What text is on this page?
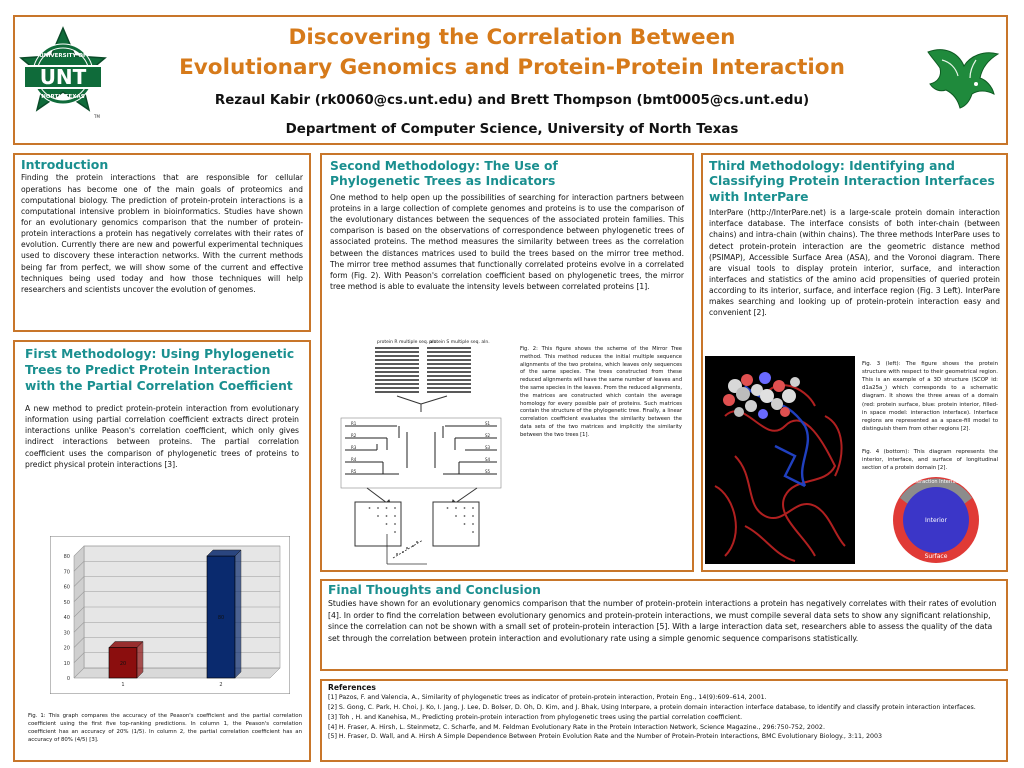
UNT
UNIVERSITY OF
NORTH TEXAS
TM
Discovering the Correlation Between
Evolutionary Genomics and Protein-Protein Interaction
Rezaul Kabir (rk0060@cs.unt.edu) and Brett Thompson (bmt0005@cs.unt.edu)
Department of Computer Science, University of North Texas
Introduction
Finding the protein interactions that are responsible for cellular operations has become one of the main goals of proteomics and computational biology. The prediction of protein-protein interactions is a computational intensive problem in bioinformatics. Studies have shown for an evolutionary genomics comparison that the number of protein-protein interactions a protein has negatively correlates with their rates of evolution. Currently there are new and powerful experimental techniques used to discovery these interaction networks. With the current methods being far from perfect, we will show some of the current and effective techniques being used today and how those techniques will help researchers and scientists uncover the evolution of genomes.
First Methodology: Using Phylogenetic Trees to Predict Protein Interaction with the Partial Correlation Coefficient
A new method to predict protein-protein interaction from evolutionary information using partial correlation coefficient extracts direct protein interactions unlike Peason's correlation coefficient, which only gives indirect interactions between proteins. The partial correlation coefficient uses the comparison of phylogenetic trees of proteins to predict physical protein interactions [3].
0
10
20
30
40
50
60
70
80
20
1
80
2
Fig. 1: This graph compares the accuracy of the Peason's coefficient and the partial correlation coefficient using the first five top-ranking predictions. In column 1, the Peason's correlation coefficient has an accuracy of 20% (1/5). In column 2, the partial correlation coefficient has an accuracy of 80% (4/5) [3].
Second Methodology: The Use of Phylogenetic Trees as Indicators
One method to help open up the possibilities of searching for interaction partners between proteins in a large collection of complete genomes and proteins is to use the comparison of the evolutionary distances between the sequences of the associated protein families. This comparison is based on the observations of correspondence between phylogenetic trees of associated proteins. The method measures the similarity between trees as the correlation between the distances matrices used to build the trees based on the mirror tree method. The mirror tree method assumes that functionally correlated proteins evolve in a correlated form (Fig. 2). With Peason's correlation coefficient based on phylogenetic trees, the mirror tree method is able to evaluate the intensity levels between correlated proteins [1].
protein R multiple seq. aln.
protein S multiple seq. aln.
R1
R2
R3
R4
R5
S1
S2
S3
S4
S5
Fig. 2: This figure shows the scheme of the Mirror Tree method. This method reduces the initial multiple sequence alignments of the two proteins, which leaves only sequences of the same species. The trees constructed from these reduced alignments will have the same number of leaves and the same species in the leaves. From the reduced alignments, the matrices are constructed which contain the average homology for every possible pair of proteins. Such matrices contain the structure of the phylogenetic tree. Finally, a linear correlation coefficient evaluates the similarity between the data sets of the two matrices and implicitly the similarity between the two trees [1].
Third Methodology: Identifying and Classifying Protein Interaction Interfaces with InterPare
InterPare (http://InterPare.net) is a large-scale protein domain interaction interface database. The interface consists of both inter-chain (between chains) and intra-chain (within chains). The three methods InterPare uses to detect protein-protein interaction are the geometric distance method (PSIMAP), Accessible Surface Area (ASA), and the Voronoi diagram. There are visual tools to display protein interior, surface, and interaction interfaces and statistics of the amino acid propensities of queried protein according to its interior, surface, and interface region (Fig. 3 Left). InterPare makes searching and looking up of protein-protein interaction easy and convenient [2].
Fig. 3 (left): The figure shows the protein structure with respect to their geometrical region. This is an example of a 3D structure (SCOP id: d1a25a_) which corresponds to a schematic diagram. It shows the three areas of a domain (red: protein surface, blue: protein interior, filled-in space model: interaction interface). Interface regions are represented as a space-fill model to distinguish them from other regions [2].
Fig. 4 (bottom): This diagram represents the interior, interface, and surface of longitudinal section of a protein domain [2].
Interaction Interface
Interior
Surface
Final Thoughts and Conclusion
Studies have shown for an evolutionary genomics comparison that the number of protein-protein interactions a protein has negatively correlates with their rates of evolution [4]. In order to find the correlation between evolutionary genomics and protein-protein interactions, we must compile several data sets to show any significant relationship, since the correlation can not be shown with a small set of protein-protein interaction [5]. With a large interaction data set, researchers able to assess the quality of the data set through the correlation between protein interaction and evolutionary rate using a simple genomic sequence comparisons statistically.
References
[1] Pazos, F. and Valencia, A., Similarity of phylogenetic trees as indicator of protein-protein interaction, Protein Eng., 14(9):609–614, 2001.
[2] S. Gong, C. Park, H. Choi, J. Ko, I. Jang, J. Lee, D. Bolser, D. Oh, D. Kim, and J. Bhak, Using Interpare, a protein domain interaction interface database, to identify and classify protein interaction interfaces.
[3] Toh , H. and Kanehisa, M., Predicting protein-protein interaction from phylogenetic trees using the partial correlation coefficient.
[4] H. Fraser, A. Hirsh, L. Steinmetz, C. Scharfe, and M. Feldman Evolutionary Rate in the Protein Interaction Network, Science Magazine., 296:750-752, 2002.
[5] H. Fraser, D. Wall, and A. Hirsh A Simple Dependence Between Protein Evolution Rate and the Number of Protein-Protein Interactions, BMC Evolutionary Biology., 3:11, 2003
